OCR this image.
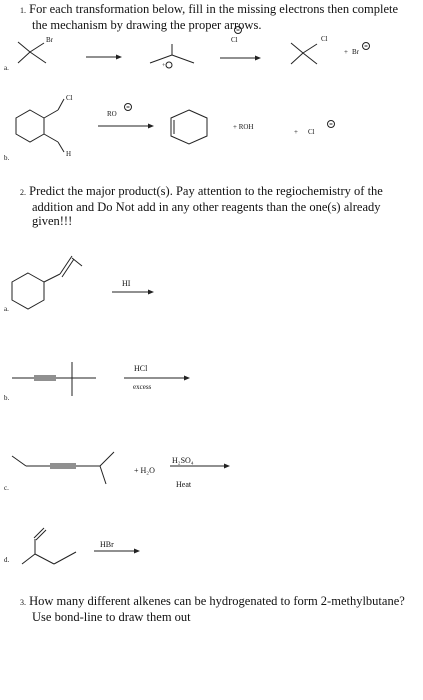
1. For each transformation below, fill in the missing electrons then complete
the mechanism by drawing the proper arrows.
a.
Br
+
Cl	Cl
+ Br
b.
Cl
H
RO
+ ROH
+ Cl
2. Predict the major product(s). Pay attention to the regiochemistry of the
addition and Do Not add in any other reagents than the one(s) already
given!!!
a.
HI
b.
HCl
excess
c.
+ H₂O
H₂SO₄
Heat
d.
HBr
3. How many different alkenes can be hydrogenated to form 2-methylbutane?
Use bond-line to draw them out
